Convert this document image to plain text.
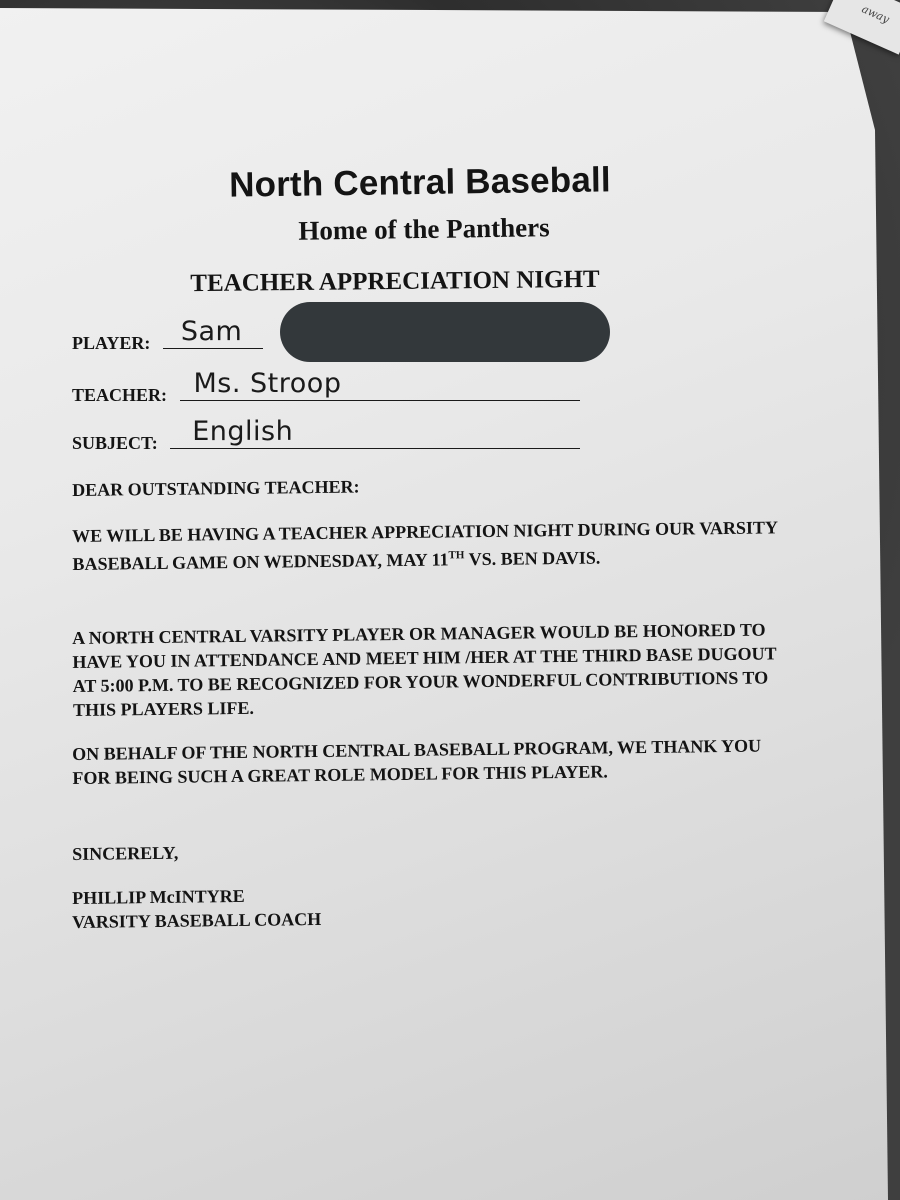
away
North Central Baseball
Home of the Panthers
TEACHER APPRECIATION NIGHT
PLAYER: Sam
TEACHER: Ms. Stroop
SUBJECT: English
DEAR OUTSTANDING TEACHER:
WE WILL BE HAVING A TEACHER APPRECIATION NIGHT DURING OUR VARSITY BASEBALL GAME ON WEDNESDAY, MAY 11TH VS. BEN DAVIS.
A NORTH CENTRAL VARSITY PLAYER OR MANAGER WOULD BE HONORED TO HAVE YOU IN ATTENDANCE AND MEET HIM /HER AT THE THIRD BASE DUGOUT AT 5:00 P.M. TO BE RECOGNIZED FOR YOUR WONDERFUL CONTRIBUTIONS TO THIS PLAYERS LIFE.
ON BEHALF OF THE NORTH CENTRAL BASEBALL PROGRAM, WE THANK YOU FOR BEING SUCH A GREAT ROLE MODEL FOR THIS PLAYER.
SINCERELY,
PHILLIP McINTYRE
VARSITY BASEBALL COACH
